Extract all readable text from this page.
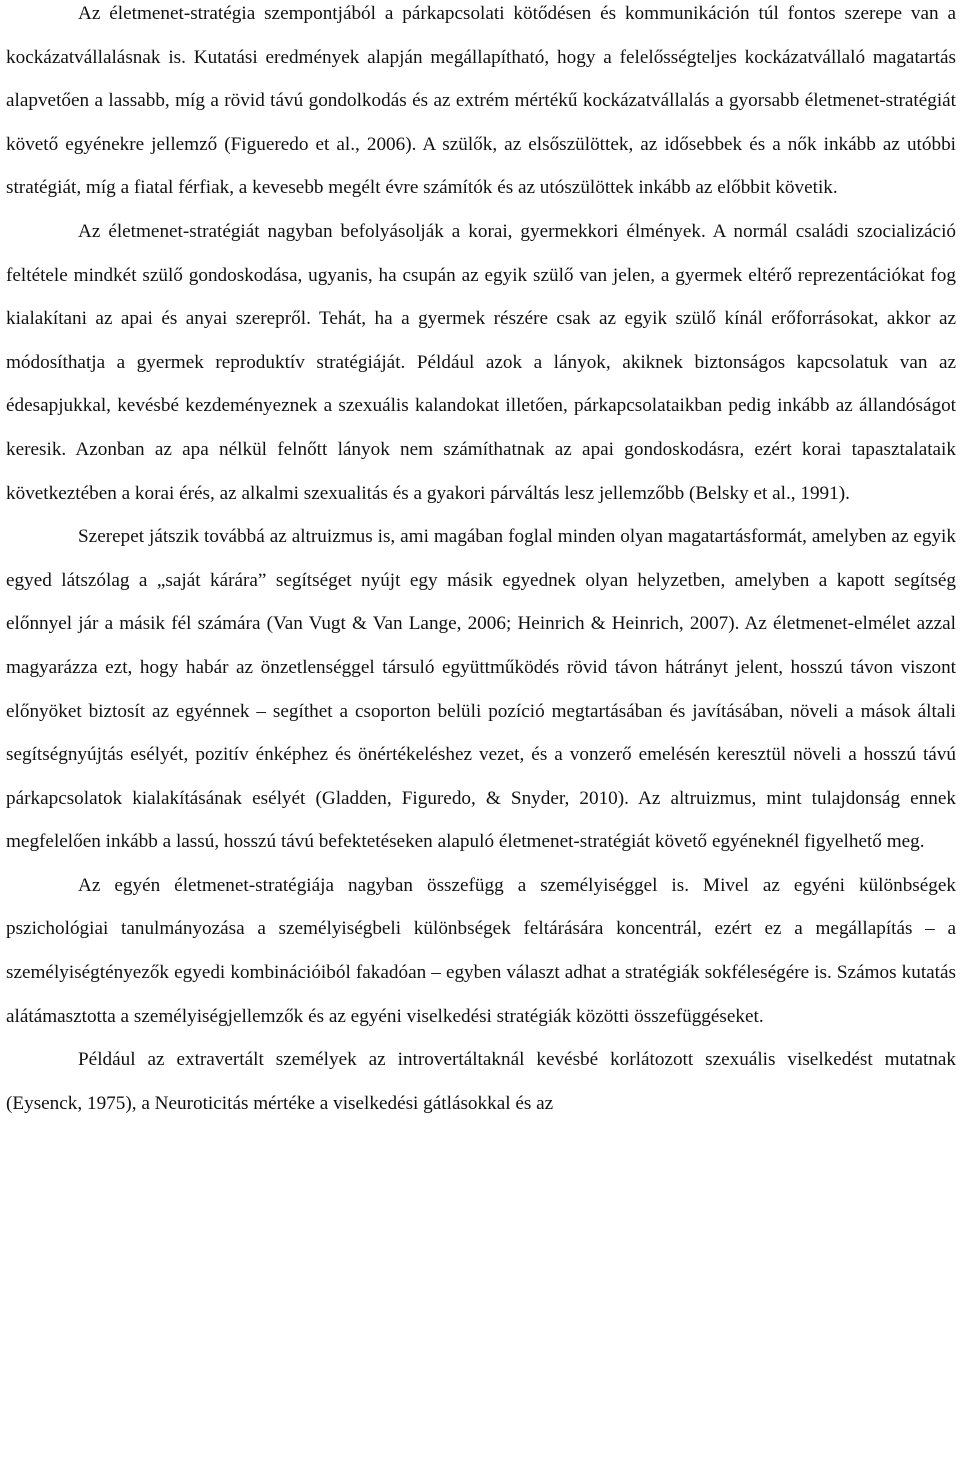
Az életmenet-stratégia szempontjából a párkapcsolati kötődésen és kommunikáción túl fontos szerepe van a kockázatvállalásnak is. Kutatási eredmények alapján megállapítható, hogy a felelősségteljes kockázatvállaló magatartás alapvetően a lassabb, míg a rövid távú gondolkodás és az extrém mértékű kockázatvállalás a gyorsabb életmenet-stratégiát követő egyénekre jellemző (Figueredo et al., 2006). A szülők, az elsőszülöttek, az idősebbek és a nők inkább az utóbbi stratégiát, míg a fiatal férfiak, a kevesebb megélt évre számítók és az utószülöttek inkább az előbbit követik.

Az életmenet-stratégiát nagyban befolyásolják a korai, gyermekkori élmények. A normál családi szocializáció feltétele mindkét szülő gondoskodása, ugyanis, ha csupán az egyik szülő van jelen, a gyermek eltérő reprezentációkat fog kialakítani az apai és anyai szerepről. Tehát, ha a gyermek részére csak az egyik szülő kínál erőforrásokat, akkor az módosíthatja a gyermek reproduktív stratégiáját. Például azok a lányok, akiknek biztonságos kapcsolatuk van az édesapjukkal, kevésbé kezdeményeznek a szexuális kalandokat illetően, párkapcsolataikban pedig inkább az állandóságot keresik. Azonban az apa nélkül felnőtt lányok nem számíthatnak az apai gondoskodásra, ezért korai tapasztalataik következtében a korai érés, az alkalmi szexualitás és a gyakori párváltás lesz jellemzőbb (Belsky et al., 1991).

Szerepet játszik továbbá az altruizmus is, ami magában foglal minden olyan magatartásformát, amelyben az egyik egyed látszólag a „saját kárára” segítséget nyújt egy másik egyednek olyan helyzetben, amelyben a kapott segítség előnnyel jár a másik fél számára (Van Vugt & Van Lange, 2006; Heinrich & Heinrich, 2007). Az életmenet-elmélet azzal magyarázza ezt, hogy habár az önzetlenséggel társuló együttműködés rövid távon hátrányt jelent, hosszú távon viszont előnyöket biztosít az egyénnek – segíthet a csoporton belüli pozíció megtartásában és javításában, növeli a mások általi segítségnyújtás esélyét, pozitív énképhez és önértékeléshez vezet, és a vonzerő emelésén keresztül növeli a hosszú távú párkapcsolatok kialakításának esélyét (Gladden, Figuredo, & Snyder, 2010). Az altruizmus, mint tulajdonság ennek megfelelően inkább a lassú, hosszú távú befektetéseken alapuló életmenet-stratégiát követő egyéneknél figyelhető meg.

Az egyén életmenet-stratégiája nagyban összefügg a személyiséggel is. Mivel az egyéni különbségek pszichológiai tanulmányozása a személyiségbeli különbségek feltárására koncentrál, ezért ez a megállapítás – a személyiségtényezők egyedi kombinációiból fakadóan – egyben választ adhat a stratégiák sokféleségére is. Számos kutatás alátámasztotta a személyiségjellemzők és az egyéni viselkedési stratégiák közötti összefüggéseket.

Például az extravertált személyek az introvertáltaknál kevésbé korlátozott szexuális viselkedést mutatnak (Eysenck, 1975), a Neuroticitás mértéke a viselkedési gátlásokkal és az
